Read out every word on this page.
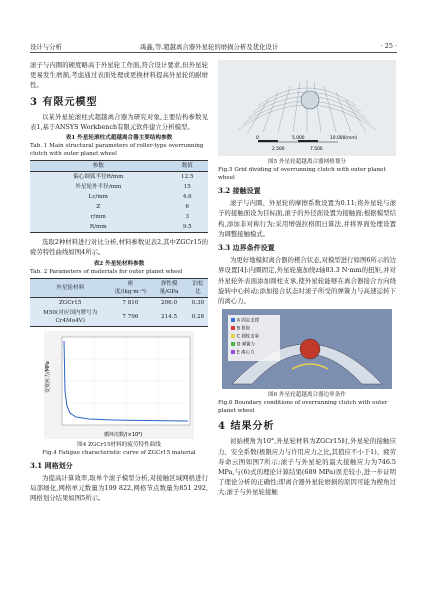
设计与分析	禹鑫,等.超越离合器外星轮的磨损分析及优化设计	· 25 ·

滚子与内圈的硬度略高于外星轮工作面,符合设计要求,但外星轮更易发生磨损,考虑通过表面处理或更换材料提高外星轮的耐磨性。

3 有限元模型

以某外星轮滚柱式超越离合器为研究对象,主要结构参数见表1,基于ANSYS Workbench有限元软件建立分析模型。

表1 外星轮滚柱式超越离合器主要结构参数
Tab. 1 Main structural parameters of roller-type overrunning clutch with outer planet wheel
参数	数值
偏心圆弧半径R/mm	12.5
外星轮外半径/mm	15
Lc/mm	4.6
Z	6
r/mm	3
R/mm	9.5

选取2种材料进行对比分析,材料参数见表2,其中ZGCr15的疲劳特性曲线如图4所示。

表2 外星轮材料参数
Tab. 2 Parameters of materials for outer planet wheel
外星轮材料	密度/(kg·m⁻³)	弹性模量/GPa	泊松比
ZGCr15	7 810	206.0	0.30
M50(对应国内牌号为Cr4Mo4V)	7 796	214.5	0.28
交变应力/MPa
循环次数/(×10⁸)
图4 ZGCr15材料的疲劳特性曲线
Fig.4 Fatigue characteristic curve of ZGCr15 material
3.1 网格划分

为提高计算效率,取单个滚子模型分析,对接触区域网格进行局部细化,网格单元数量为199 822,网格节点数量为851 292,网格划分结果如图5所示。

0	5.000	10.000(mm)
2.500	7.500
图5 外星轮超越离合器网格划分
Fig.5 Grid dividing of overrunning clutch with outer planet wheel
3.2 接触设置

滚子与内圈、外星轮的摩擦系数设置为0.11;将外星轮与滚子的接触面设为目标面,滚子的外径面设置为接触面;根据模型结构,添加非对称行为;采用增强拉格朗日算法,并将界面处理设置为调整接触模式。

3.3 边界条件设置

为更好地模拟离合器的楔合状态,对模型进行如图6所示的边界设置[4]:内圈固定,外星轮施加绕z轴83.3 N·mm的扭矩,并对外星轮外表面添加圆柱支承,使外星轮能够在离合器接合方向绕旋转中心转动;添加接合状态时滚子所受的弹簧力与高速运转下的离心力。

A 固定支撑
B 扭矩
C 圆柱支承
D 弹簧力
E 离心力
图6 外星轮超越离合器边界条件
Fig.6 Boundary conditions of overrunning clutch with outer planet wheel
4 结果分析

初始楔角为10°,外星轮材料为ZGCr15时,外星轮的接触应力、安全系数(极限应力与许用应力之比,其值应不小于1)、疲劳寿命云图如图7所示;滚子与外星轮的最大接触应力为746.5 MPa,与(6)式的理论计算结果(689 MPa)误差较小,进一步证明了理论分析的正确性;即离合器外星轮磨损的原因可能为楔角过大;滚子与外星轮接触
